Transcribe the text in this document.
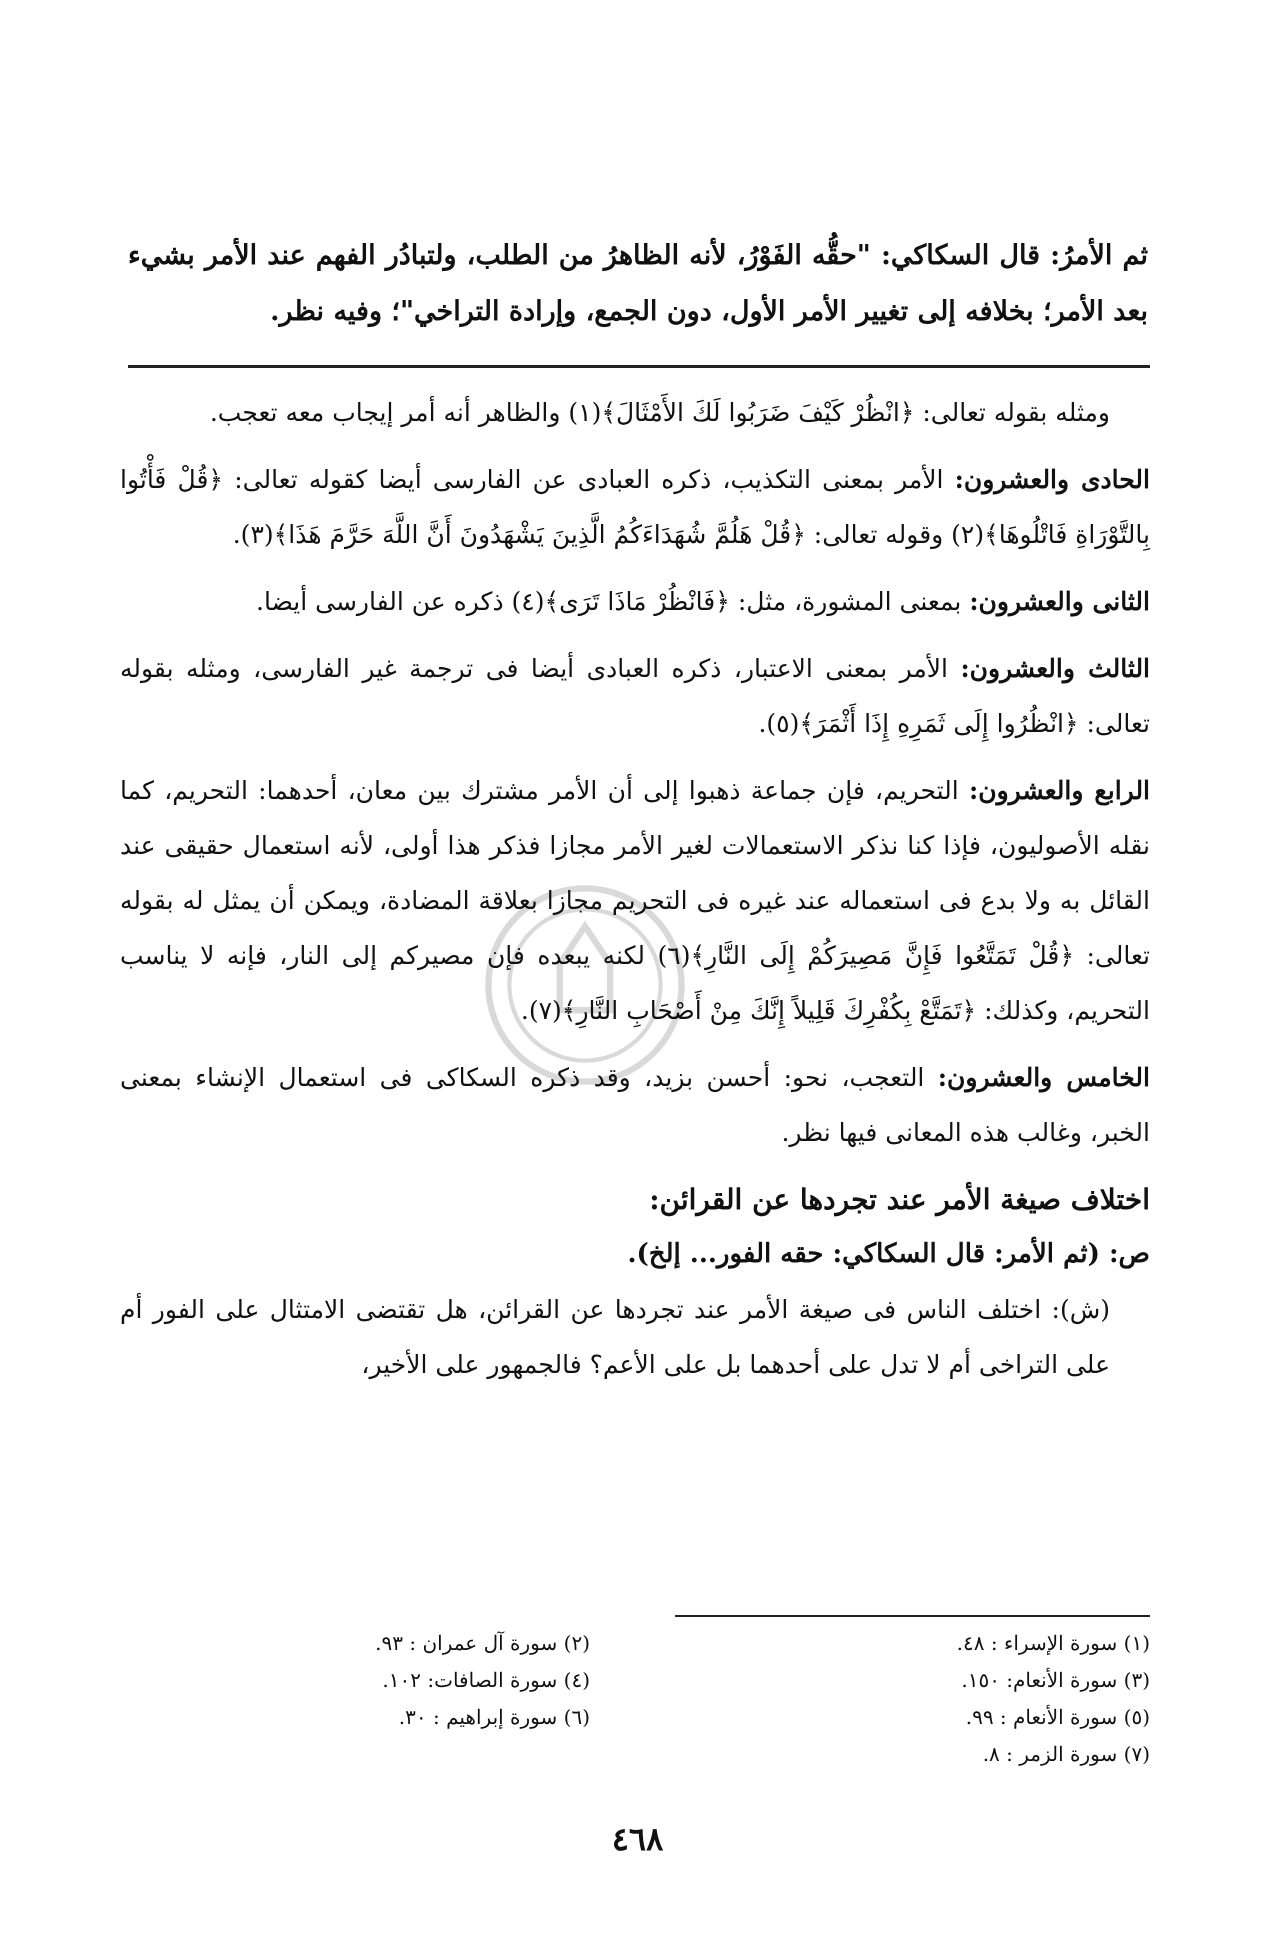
ثم الأمرُ: قال السكاكي: "حقُّه الفَوْرُ، لأنه الظاهرُ من الطلب، ولتبادُر الفهم عند الأمر بشيء بعد الأمر؛ بخلافه إلى تغيير الأمر الأول، دون الجمع، وإرادة التراخي"؛ وفيه نظر.

ومثله بقوله تعالى: ﴿انْظُرْ كَيْفَ ضَرَبُوا لَكَ الأَمْثَالَ﴾(١) والظاهر أنه أمر إيجاب معه تعجب.

الحادى والعشرون: الأمر بمعنى التكذيب، ذكره العبادى عن الفارسى أيضا كقوله تعالى: ﴿قُلْ فَأْتُوا بِالتَّوْرَاةِ فَاتْلُوهَا﴾(٢) وقوله تعالى: ﴿قُلْ هَلُمَّ شُهَدَاءَكُمُ الَّذِينَ يَشْهَدُونَ أَنَّ اللَّهَ حَرَّمَ هَذَا﴾(٣).

الثانى والعشرون: بمعنى المشورة، مثل: ﴿فَانْظُرْ مَاذَا تَرَى﴾(٤) ذكره عن الفارسى أيضا.

الثالث والعشرون: الأمر بمعنى الاعتبار، ذكره العبادى أيضا فى ترجمة غير الفارسى، ومثله بقوله تعالى: ﴿انْظُرُوا إِلَى ثَمَرِهِ إِذَا أَثْمَرَ﴾(٥).

الرابع والعشرون: التحريم، فإن جماعة ذهبوا إلى أن الأمر مشترك بين معان، أحدهما: التحريم، كما نقله الأصوليون، فإذا كنا نذكر الاستعمالات لغير الأمر مجازا فذكر هذا أولى، لأنه استعمال حقيقى عند القائل به ولا بدع فى استعماله عند غيره فى التحريم مجازا بعلاقة المضادة، ويمكن أن يمثل له بقوله تعالى: ﴿قُلْ تَمَتَّعُوا فَإِنَّ مَصِيرَكُمْ إِلَى النَّارِ﴾(٦) لكنه يبعده فإن مصيركم إلى النار، فإنه لا يناسب التحريم، وكذلك: ﴿تَمَتَّعْ بِكُفْرِكَ قَلِيلاً إِنَّكَ مِنْ أَصْحَابِ النَّارِ﴾(٧).

الخامس والعشرون: التعجب، نحو: أحسن بزيد، وقد ذكره السكاكى فى استعمال الإنشاء بمعنى الخبر، وغالب هذه المعانى فيها نظر.

اختلاف صيغة الأمر عند تجردها عن القرائن:
ص: (ثم الأمر: قال السكاكي: حقه الفور... إلخ).
(ش): اختلف الناس فى صيغة الأمر عند تجردها عن القرائن، هل تقتضى الامتثال على الفور أم على التراخى أم لا تدل على أحدهما بل على الأعم؟ فالجمهور على الأخير،
(١) سورة الإسراء : ٤٨.
(٢) سورة آل عمران : ٩٣.
(٣) سورة الأنعام: ١٥٠.
(٤) سورة الصافات: ١٠٢.
(٥) سورة الأنعام : ٩٩.
(٦) سورة إبراهيم : ٣٠.
(٧) سورة الزمر : ٨.
٤٦٨
